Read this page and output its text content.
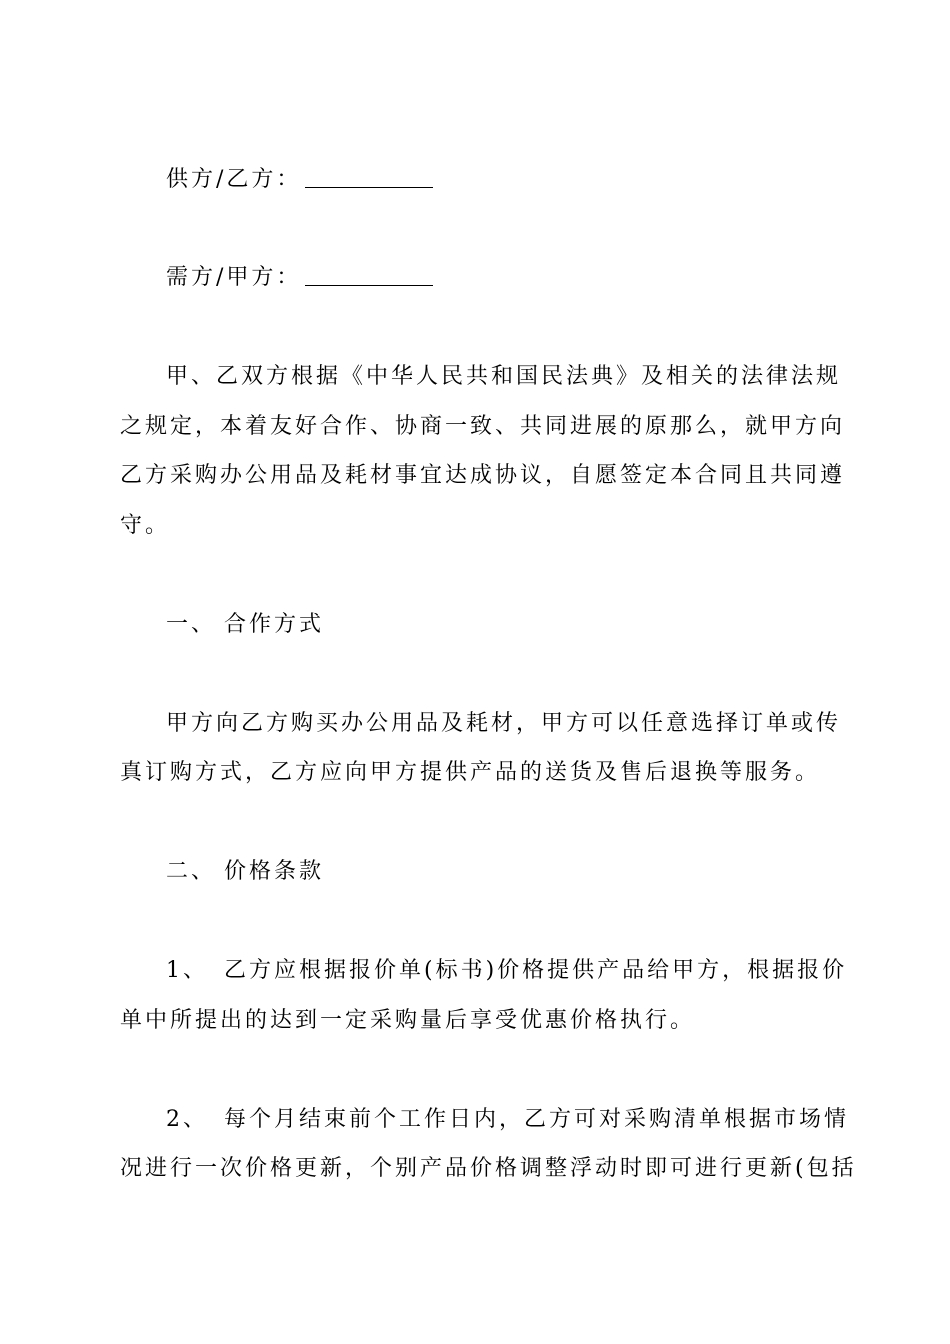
供方/乙方：
需方/甲方：
甲、乙双方根据《中华人民共和国民法典》及相关的法律法规
之规定，本着友好合作、协商一致、共同进展的原那么，就甲方向
乙方采购办公用品及耗材事宜达成协议，自愿签定本合同且共同遵
守。
一、 合作方式
甲方向乙方购买办公用品及耗材，甲方可以任意选择订单或传
真订购方式，乙方应向甲方提供产品的送货及售后退换等服务。
二、 价格条款
1、 乙方应根据报价单(标书)价格提供产品给甲方，根据报价
单中所提出的达到一定采购量后享受优惠价格执行。
2、 每个月结束前个工作日内，乙方可对采购清单根据市场情
况进行一次价格更新，个别产品价格调整浮动时即可进行更新(包括
